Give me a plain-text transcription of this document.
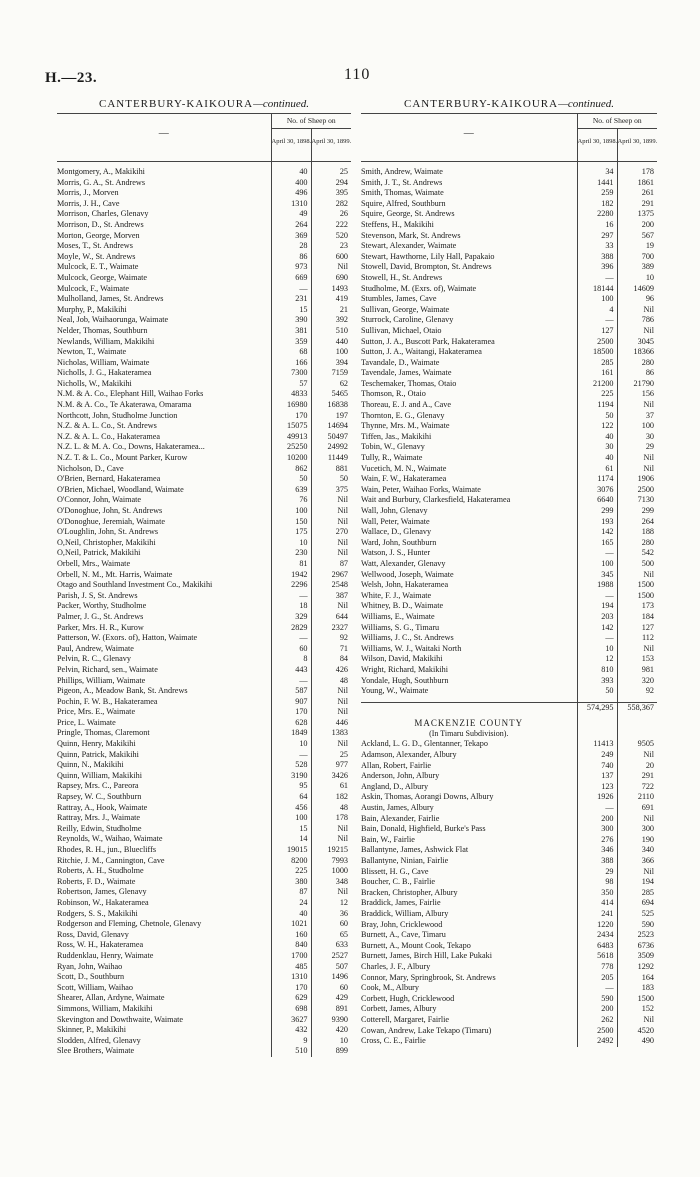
H.—23.	110
CANTERBURY-KAIKOURA—continued.

—	No. of Sheep on	
	April 30, 1898.	April 30, 1899.

Montgomery, A., Makikihi	40	25
Morris, G. A., St. Andrews	400	294
Morris, J., Morven	496	395
Morris, J. H., Cave	1310	282
Morrison, Charles, Glenavy	49	26
Morrison, D., St. Andrews	264	222
Morton, George, Morven	369	520
Moses, T., St. Andrews	28	23
Moyle, W., St. Andrews	86	600
Mulcock, E. T., Waimate	973	Nil
Mulcock, George, Waimate	669	690
Mulcock, F., Waimate	—	1493
Mulholland, James, St. Andrews	231	419
Murphy, P., Makikihi	15	21
Neal, Job, Waihaorunga, Waimate	390	392
Nelder, Thomas, Southburn	381	510
Newlands, William, Makikihi	359	440
Newton, T., Waimate	68	100
Nicholas, William, Waimate	166	394
Nicholls, J. G., Hakateramea	7300	7159
Nicholls, W., Makikihi	57	62
N.M. & A. Co., Elephant Hill, Waihao Forks	4833	5465
N.M. & A. Co., Te Akaterawa, Omarama	16980	16838
Northcott, John, Studholme Junction	170	197
N.Z. & A. L. Co., St. Andrews	15075	14694
N.Z. & A. L. Co., Hakateramea	49913	50497
N.Z. L. & M. A. Co., Downs, Hakateramea...	25250	24992
N.Z. T. & L. Co., Mount Parker, Kurow	10200	11449
Nicholson, D., Cave	862	881
O'Brien, Bernard, Hakateramea	50	50
O'Brien, Michael, Woodland, Waimate	639	375
O'Connor, John, Waimate	76	Nil
O'Donoghue, John, St. Andrews	100	Nil
O'Donoghue, Jeremiah, Waimate	150	Nil
O'Loughlin, John, St. Andrews	175	270
O,Neil, Christopher, Makikihi	10	Nil
O,Neil, Patrick, Makikihi	230	Nil
Orbell, Mrs., Waimate	81	87
Orbell, N. M., Mt. Harris, Waimate	1942	2967
Otago and Southland Investment Co., Makikihi	2296	2548
Parish, J. S, St. Andrews	—	387
Packer, Worthy, Studholme	18	Nil
Palmer, J. G., St. Andrews	329	644
Parker, Mrs. H. R., Kurow	2829	2327
Patterson, W. (Exors. of), Hatton, Waimate	—	92
Paul, Andrew, Waimate	60	71
Pelvin, R. C., Glenavy	8	84
Pelvin, Richard, sen., Waimate	443	426
Phillips, William, Waimate	—	48
Pigeon, A., Meadow Bank, St. Andrews	587	Nil
Pochin, F. W. B., Hakateramea	907	Nil
Price, Mrs. E., Waimate	170	Nil
Price, L. Waimate	628	446
Pringle, Thomas, Claremont	1849	1383
Quinn, Henry, Makikihi	10	Nil
Quinn, Patrick, Makikihi	—	25
Quinn, N., Makikihi	528	977
Quinn, William, Makikihi	3190	3426
Rapsey, Mrs. C., Pareora	95	61
Rapsey, W. C., Southburn	64	182
Rattray, A., Hook, Waimate	456	48
Rattray, Mrs. J., Waimate	100	178
Reilly, Edwin, Studholme	15	Nil
Reynolds, W., Waihao, Waimate	14	Nil
Rhodes, R. H., jun., Bluecliffs	19015	19215
Ritchie, J. M., Cannington, Cave	8200	7993
Roberts, A. H., Studholme	225	1000
Roberts, F. D., Waimate	380	348
Robertson, James, Glenavy	87	Nil
Robinson, W., Hakateramea	24	12
Rodgers, S. S., Makikihi	40	36
Rodgerson and Fleming, Chetnole, Glenavy	1021	60
Ross, David, Glenavy	160	65
Ross, W. H., Hakateramea	840	633
Ruddenklau, Henry, Waimate	1700	2527
Ryan, John, Waihao	485	507
Scott, D., Southburn	1310	1496
Scott, William, Waihao	170	60
Shearer, Allan, Ardyne, Waimate	629	429
Simmons, William, Makikihi	698	891
Skevington and Dowthwaite, Waimate	3627	9390
Skinner, P., Makikihi	432	420
Slodden, Alfred, Glenavy	9	10
Slee Brothers, Waimate	510	899
CANTERBURY-KAIKOURA—continued.

—	No. of Sheep on	
	April 30, 1898.	April 30, 1899.

Smith, Andrew, Waimate	34	178
Smith, J. T., St. Andrews	1441	1861
Smith, Thomas, Waimate	259	261
Squire, Alfred, Southburn	182	291
Squire, George, St. Andrews	2280	1375
Steffens, H., Makikihi	16	200
Stevenson, Mark, St. Andrews	297	567
Stewart, Alexander, Waimate	33	19
Stewart, Hawthorne, Lily Hall, Papakaio	388	700
Stowell, David, Brompton, St. Andrews	396	389
Stowell, H., St. Andrews	—	10
Studholme, M. (Exrs. of), Waimate	18144	14609
Stumbles, James, Cave	100	96
Sullivan, George, Waimate	4	Nil
Sturrock, Caroline, Glenavy	—	786
Sullivan, Michael, Otaio	127	Nil
Sutton, J. A., Buscott Park, Hakateramea	2500	3045
Sutton, J. A., Waitangi, Hakateramea	18500	18366
Tavandale, D., Waimate	285	280
Tavendale, James, Waimate	161	86
Teschemaker, Thomas, Otaio	21200	21790
Thomson, R., Otaio	225	156
Thoreau, E. J. and A., Cave	1194	Nil
Thornton, E. G., Glenavy	50	37
Thynne, Mrs. M., Waimate	122	100
Tiffen, Jas., Makikihi	40	30
Tobin, W., Glenavy	30	29
Tully, R., Waimate	40	Nil
Vucetich, M. N., Waimate	61	Nil
Wain, F. W., Hakateramea	1174	1906
Wain, Peter, Waihao Forks, Waimate	3076	2500
Wait and Burbury, Clarkesfield, Hakateramea	6640	7130
Wall, John, Glenavy	299	299
Wall, Peter, Waimate	193	264
Wallace, D., Glenavy	142	188
Ward, John, Southburn	165	280
Watson, J. S., Hunter	—	542
Watt, Alexander, Glenavy	100	500
Wellwood, Joseph, Waimate	345	Nil
Welsh, John, Hakateramea	1988	1500
White, F. J., Waimate	—	1500
Whitney, B. D., Waimate	194	173
Williams, E., Waimate	203	184
Williams, S. G., Timaru	142	127
Williams, J. C., St. Andrews	—	112
Williams, W. J., Waitaki North	10	Nil
Wilson, David, Makikihi	12	153
Wright, Richard, Makikihi	810	981
Yondale, Hugh, Southburn	393	320
Young, W., Waimate	50	92

	574,295	558,367

MACKENZIE COUNTY		
(In Timaru Subdivision).		
Ackland, L. G. D., Glentanner, Tekapo	11413	9505
Adamson, Alexander, Albury	249	Nil
Allan, Robert, Fairlie	740	20
Anderson, John, Albury	137	291
Angland, D., Albury	123	722
Askin, Thomas, Aorangi Downs, Albury	1926	2110
Austin, James, Albury	—	691
Bain, Alexander, Fairlie	200	Nil
Bain, Donald, Highfield, Burke's Pass	300	300
Bain, W., Fairlie	276	190
Ballantyne, James, Ashwick Flat	346	340
Ballantyne, Ninian, Fairlie	388	366
Blissett, H. G., Cave	29	Nil
Boucher, C. B., Fairlie	98	194
Bracken, Christopher, Albury	350	285
Braddick, James, Fairlie	414	694
Braddick, William, Albury	241	525
Bray, John, Cricklewood	1220	590
Burnett, A., Cave, Timaru	2434	2523
Burnett, A., Mount Cook, Tekapo	6483	6736
Burnett, James, Birch Hill, Lake Pukaki	5618	3509
Charles, J. F., Albury	778	1292
Connor, Mary, Springbrook, St. Andrews	205	164
Cook, M., Albury	—	183
Corbett, Hugh, Cricklewood	590	1500
Corbett, James, Albury	200	152
Cotterell, Margaret, Fairlie	262	Nil
Cowan, Andrew, Lake Tekapo (Timaru)	2500	4520
Cross, C. E., Fairlie	2492	490
